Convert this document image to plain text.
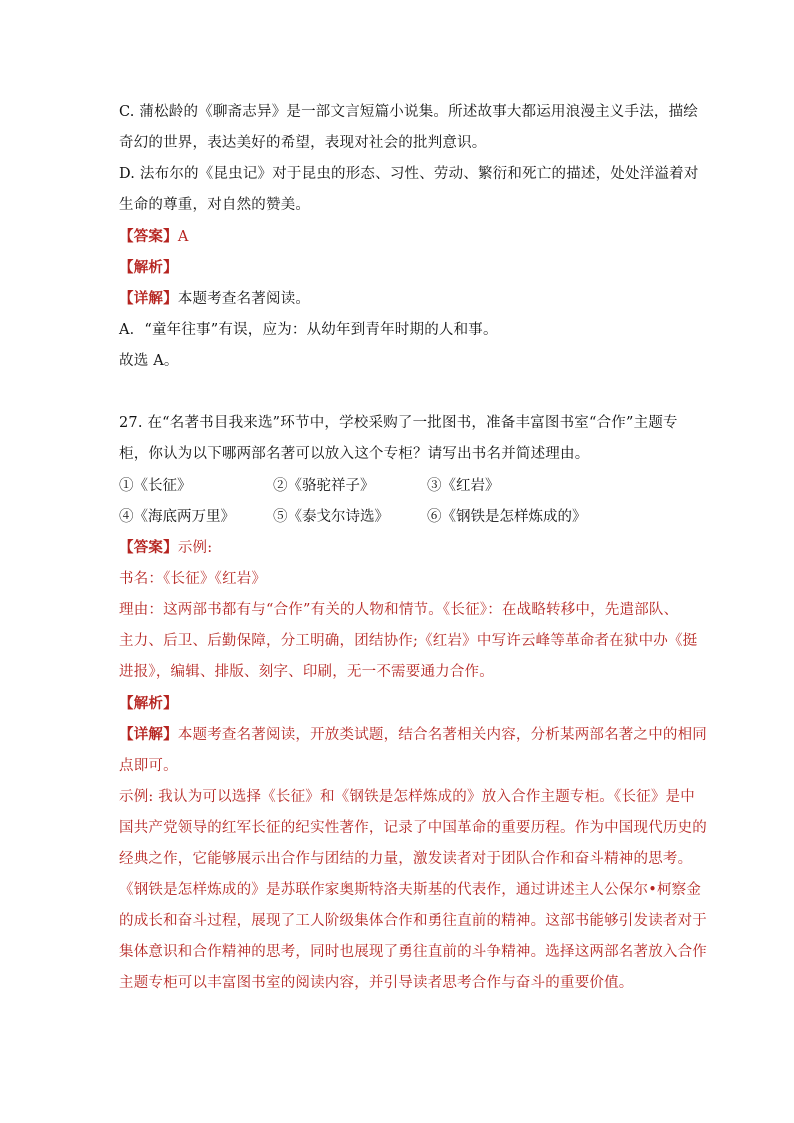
C. 蒲松龄的《聊斋志异》是一部文言短篇小说集。所述故事大都运用浪漫主义手法，描绘
奇幻的世界，表达美好的希望，表现对社会的批判意识。
D. 法布尔的《昆虫记》对于昆虫的形态、习性、劳动、繁衍和死亡的描述，处处洋溢着对
生命的尊重，对自然的赞美。
【答案】A
【解析】
【详解】本题考查名著阅读。
A．“童年往事”有误，应为：从幼年到青年时期的人和事。
故选 A。
27. 在“名著书目我来选”环节中，学校采购了一批图书，准备丰富图书室“合作”主题专
柜，你认为以下哪两部名著可以放入这个专柜？请写出书名并简述理由。
①《长征》	②《骆驼祥子》	③《红岩》
④《海底两万里》	⑤《泰戈尔诗选》	⑥《钢铁是怎样炼成的》
【答案】示例:
书名：《长征》《红岩》
理由：这两部书都有与“合作”有关的人物和情节。《长征》：在战略转移中，先遣部队、
主力、后卫、后勤保障，分工明确，团结协作;《红岩》中写许云峰等革命者在狱中办《挺
进报》，编辑、排版、刻字、印刷，无一不需要通力合作。
【解析】
【详解】本题考查名著阅读，开放类试题，结合名著相关内容，分析某两部名著之中的相同
点即可。
示例: 我认为可以选择《长征》和《钢铁是怎样炼成的》放入合作主题专柜。《长征》是中
国共产党领导的红军长征的纪实性著作，记录了中国革命的重要历程。作为中国现代历史的
经典之作，它能够展示出合作与团结的力量，激发读者对于团队合作和奋斗精神的思考。
《钢铁是怎样炼成的》是苏联作家奥斯特洛夫斯基的代表作，通过讲述主人公保尔•柯察金
的成长和奋斗过程，展现了工人阶级集体合作和勇往直前的精神。这部书能够引发读者对于
集体意识和合作精神的思考，同时也展现了勇往直前的斗争精神。选择这两部名著放入合作
主题专柜可以丰富图书室的阅读内容，并引导读者思考合作与奋斗的重要价值。
